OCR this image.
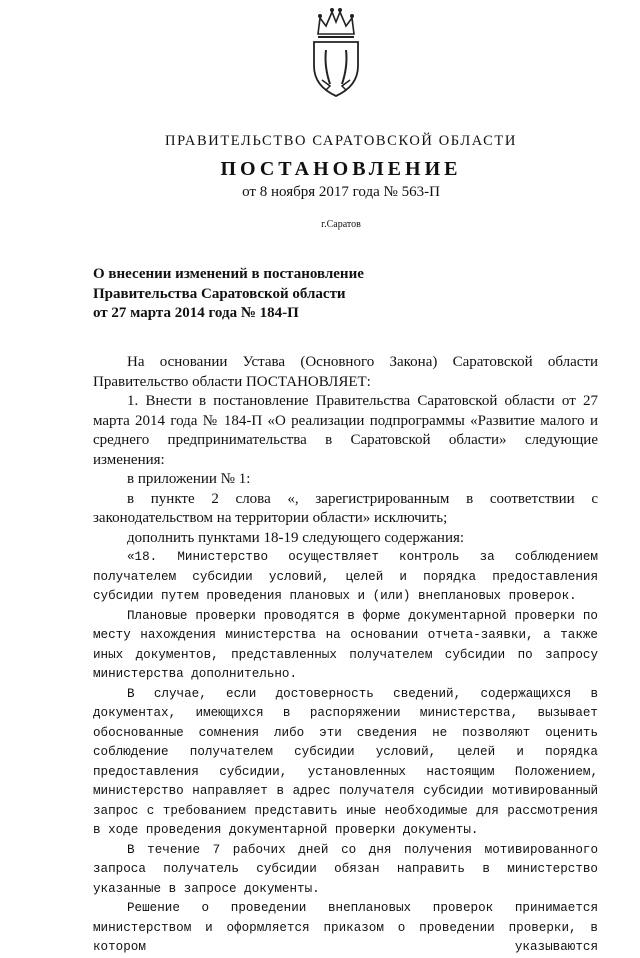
ПРАВИТЕЛЬСТВО САРАТОВСКОЙ ОБЛАСТИ
ПОСТАНОВЛЕНИЕ
от 8 ноября 2017 года № 563-П
г.Саратов
О внесении изменений в постановление
Правительства Саратовской области
от 27 марта 2014 года № 184-П

На основании Устава (Основного Закона) Саратовской области Правительство области ПОСТАНОВЛЯЕТ:

1. Внести в постановление Правительства Саратовской области от 27 марта 2014 года № 184-П «О реализации подпрограммы «Развитие малого и среднего предпринимательства в Саратовской области» следующие изменения:

в приложении № 1:

в пункте 2 слова «, зарегистрированным в соответствии с законодательством на территории области» исключить;

дополнить пунктами 18-19 следующего содержания:

«18. Министерство осуществляет контроль за соблюдением получателем субсидии условий, целей и порядка предоставления субсидии путем проведения плановых и (или) внеплановых проверок.

Плановые проверки проводятся в форме документарной проверки по месту нахождения министерства на основании отчета-заявки, а также иных документов, представленных получателем субсидии по запросу министерства дополнительно.

В случае, если достоверность сведений, содержащихся в документах, имеющихся в распоряжении министерства, вызывает обоснованные сомнения либо эти сведения не позволяют оценить соблюдение получателем субсидии условий, целей и порядка предоставления субсидии, установленных настоящим Положением, министерство направляет в адрес получателя субсидии мотивированный запрос с требованием представить иные необходимые для рассмотрения в ходе проведения документарной проверки документы.

В течение 7 рабочих дней со дня получения мотивированного запроса получатель субсидии обязан направить в министерство указанные в запросе документы.

Решение о проведении внеплановых проверок принимается министерством и оформляется приказом о проведении проверки, в котором указываются
